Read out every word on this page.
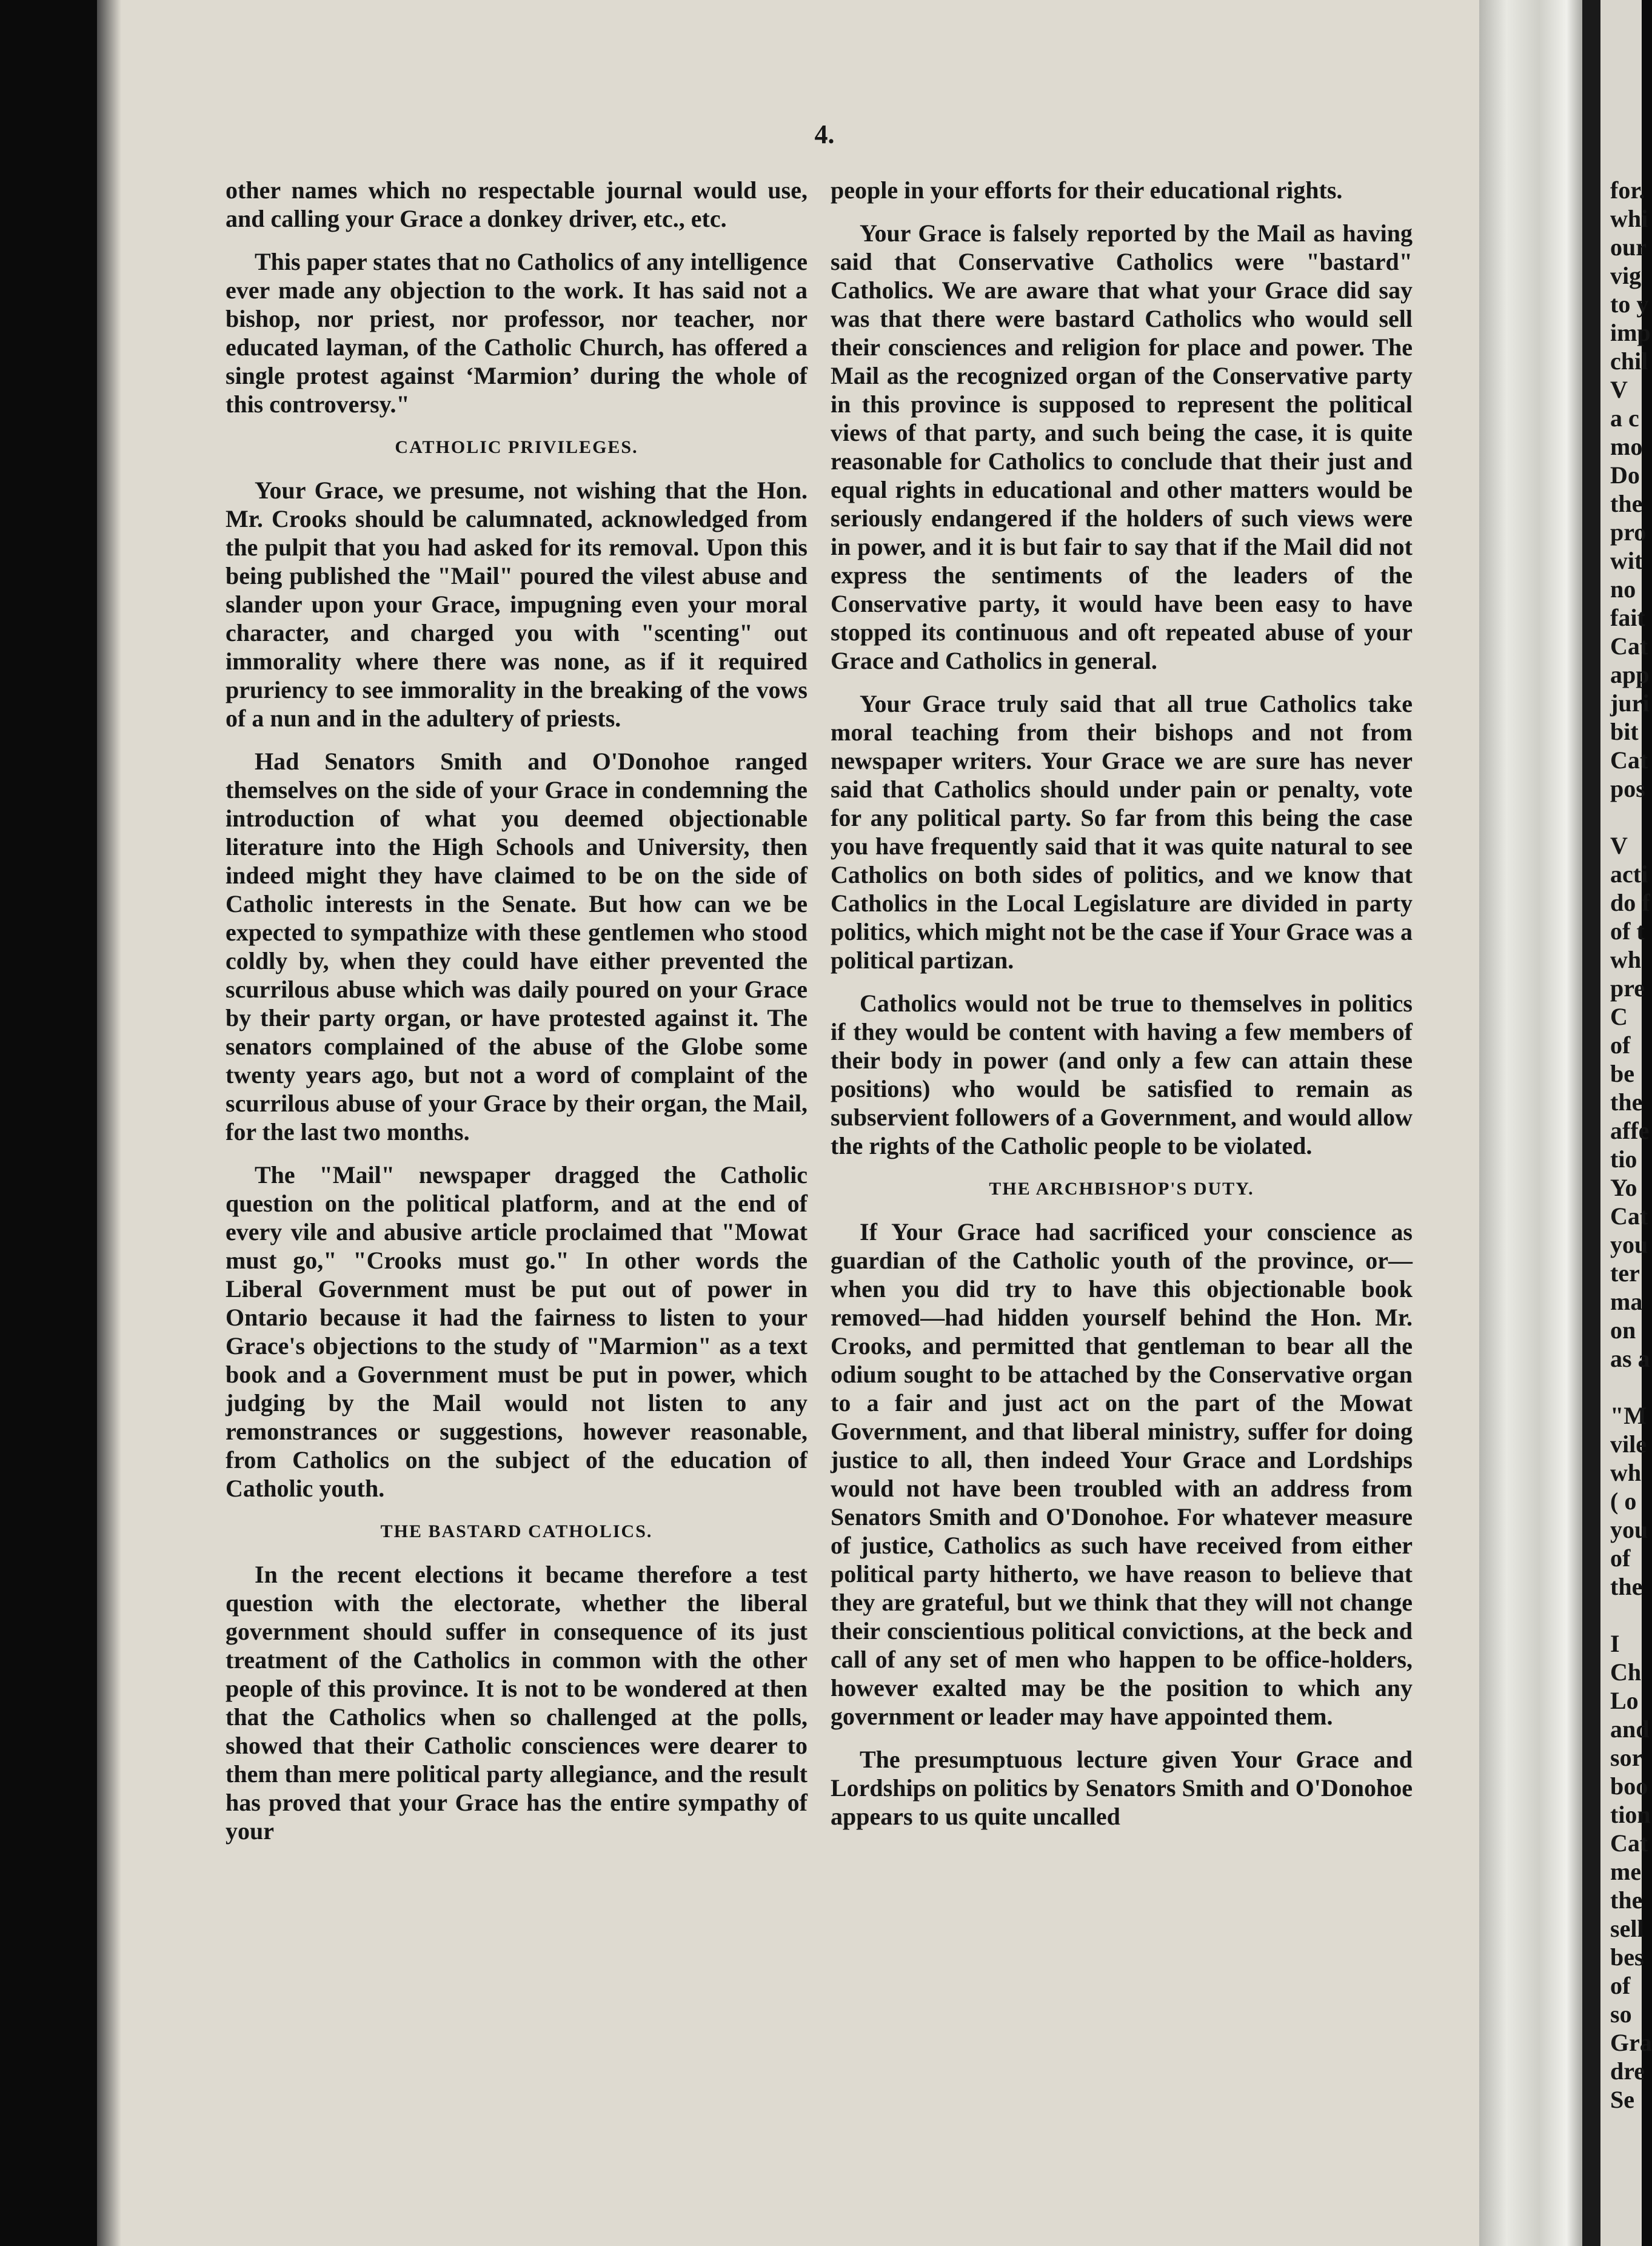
for.
whi
our
vig
to y
imp
chil
V
a c
mo
Do
the
pro
wit
no
fait
Cat
app
juri
bit
Cat
pos

V
acti
do f
of t
wh
pre
C
of
be
the
affe
tio
Yo
Cat
you
ter
ma
on
as a

"M
vile
wh
( o
you
of
the

I
Ch
Lo
and
sor
boo
tion
Cat
me
the
sell
bes
of
so
Gra
dre
Se
4.

other names which no respectable journal would use, and calling your Grace a donkey driver, etc., etc.

This paper states that no Catholics of any intelligence ever made any objection to the work. It has said not a bishop, nor priest, nor professor, nor teacher, nor educated layman, of the Catholic Church, has offered a single protest against ‘Marmion’ during the whole of this controversy."

CATHOLIC PRIVILEGES.

Your Grace, we presume, not wishing that the Hon. Mr. Crooks should be calumnated, acknowledged from the pulpit that you had asked for its removal. Upon this being published the "Mail" poured the vilest abuse and slander upon your Grace, impugning even your moral character, and charged you with "scenting" out immorality where there was none, as if it required pruriency to see immorality in the breaking of the vows of a nun and in the adultery of priests.

Had Senators Smith and O'Donohoe ranged themselves on the side of your Grace in condemning the introduction of what you deemed objectionable literature into the High Schools and University, then indeed might they have claimed to be on the side of Catholic interests in the Senate. But how can we be expected to sympathize with these gentlemen who stood coldly by, when they could have either prevented the scurrilous abuse which was daily poured on your Grace by their party organ, or have protested against it. The senators complained of the abuse of the Globe some twenty years ago, but not a word of complaint of the scurrilous abuse of your Grace by their organ, the Mail, for the last two months.

The "Mail" newspaper dragged the Catholic question on the political platform, and at the end of every vile and abusive article proclaimed that "Mowat must go," "Crooks must go." In other words the Liberal Government must be put out of power in Ontario because it had the fairness to listen to your Grace's objections to the study of "Marmion" as a text book and a Government must be put in power, which judging by the Mail would not listen to any remonstrances or suggestions, however reasonable, from Catholics on the subject of the education of Catholic youth.

THE BASTARD CATHOLICS.

In the recent elections it became therefore a test question with the electorate, whether the liberal government should suffer in consequence of its just treatment of the Catholics in common with the other people of this province. It is not to be wondered at then that the Catholics when so challenged at the polls, showed that their Catholic consciences were dearer to them than mere political party allegiance, and the result has proved that your Grace has the entire sympathy of your

people in your efforts for their educational rights.

Your Grace is falsely reported by the Mail as having said that Conservative Catholics were "bastard" Catholics. We are aware that what your Grace did say was that there were bastard Catholics who would sell their consciences and religion for place and power. The Mail as the recognized organ of the Conservative party in this province is supposed to represent the political views of that party, and such being the case, it is quite reasonable for Catholics to conclude that their just and equal rights in educational and other matters would be seriously endangered if the holders of such views were in power, and it is but fair to say that if the Mail did not express the sentiments of the leaders of the Conservative party, it would have been easy to have stopped its continuous and oft repeated abuse of your Grace and Catholics in general.

Your Grace truly said that all true Catholics take moral teaching from their bishops and not from newspaper writers. Your Grace we are sure has never said that Catholics should under pain or penalty, vote for any political party. So far from this being the case you have frequently said that it was quite natural to see Catholics on both sides of politics, and we know that Catholics in the Local Legislature are divided in party politics, which might not be the case if Your Grace was a political partizan.

Catholics would not be true to themselves in politics if they would be content with having a few members of their body in power (and only a few can attain these positions) who would be satisfied to remain as subservient followers of a Government, and would allow the rights of the Catholic people to be violated.

THE ARCHBISHOP'S DUTY.

If Your Grace had sacrificed your conscience as guardian of the Catholic youth of the province, or—when you did try to have this objectionable book removed—had hidden yourself behind the Hon. Mr. Crooks, and permitted that gentleman to bear all the odium sought to be attached by the Conservative organ to a fair and just act on the part of the Mowat Government, and that liberal ministry, suffer for doing justice to all, then indeed Your Grace and Lordships would not have been troubled with an address from Senators Smith and O'Donohoe. For whatever measure of justice, Catholics as such have received from either political party hitherto, we have reason to believe that they are grateful, but we think that they will not change their conscientious political convictions, at the beck and call of any set of men who happen to be office-holders, however exalted may be the position to which any government or leader may have appointed them.

The presumptuous lecture given Your Grace and Lordships on politics by Senators Smith and O'Donohoe appears to us quite uncalled
